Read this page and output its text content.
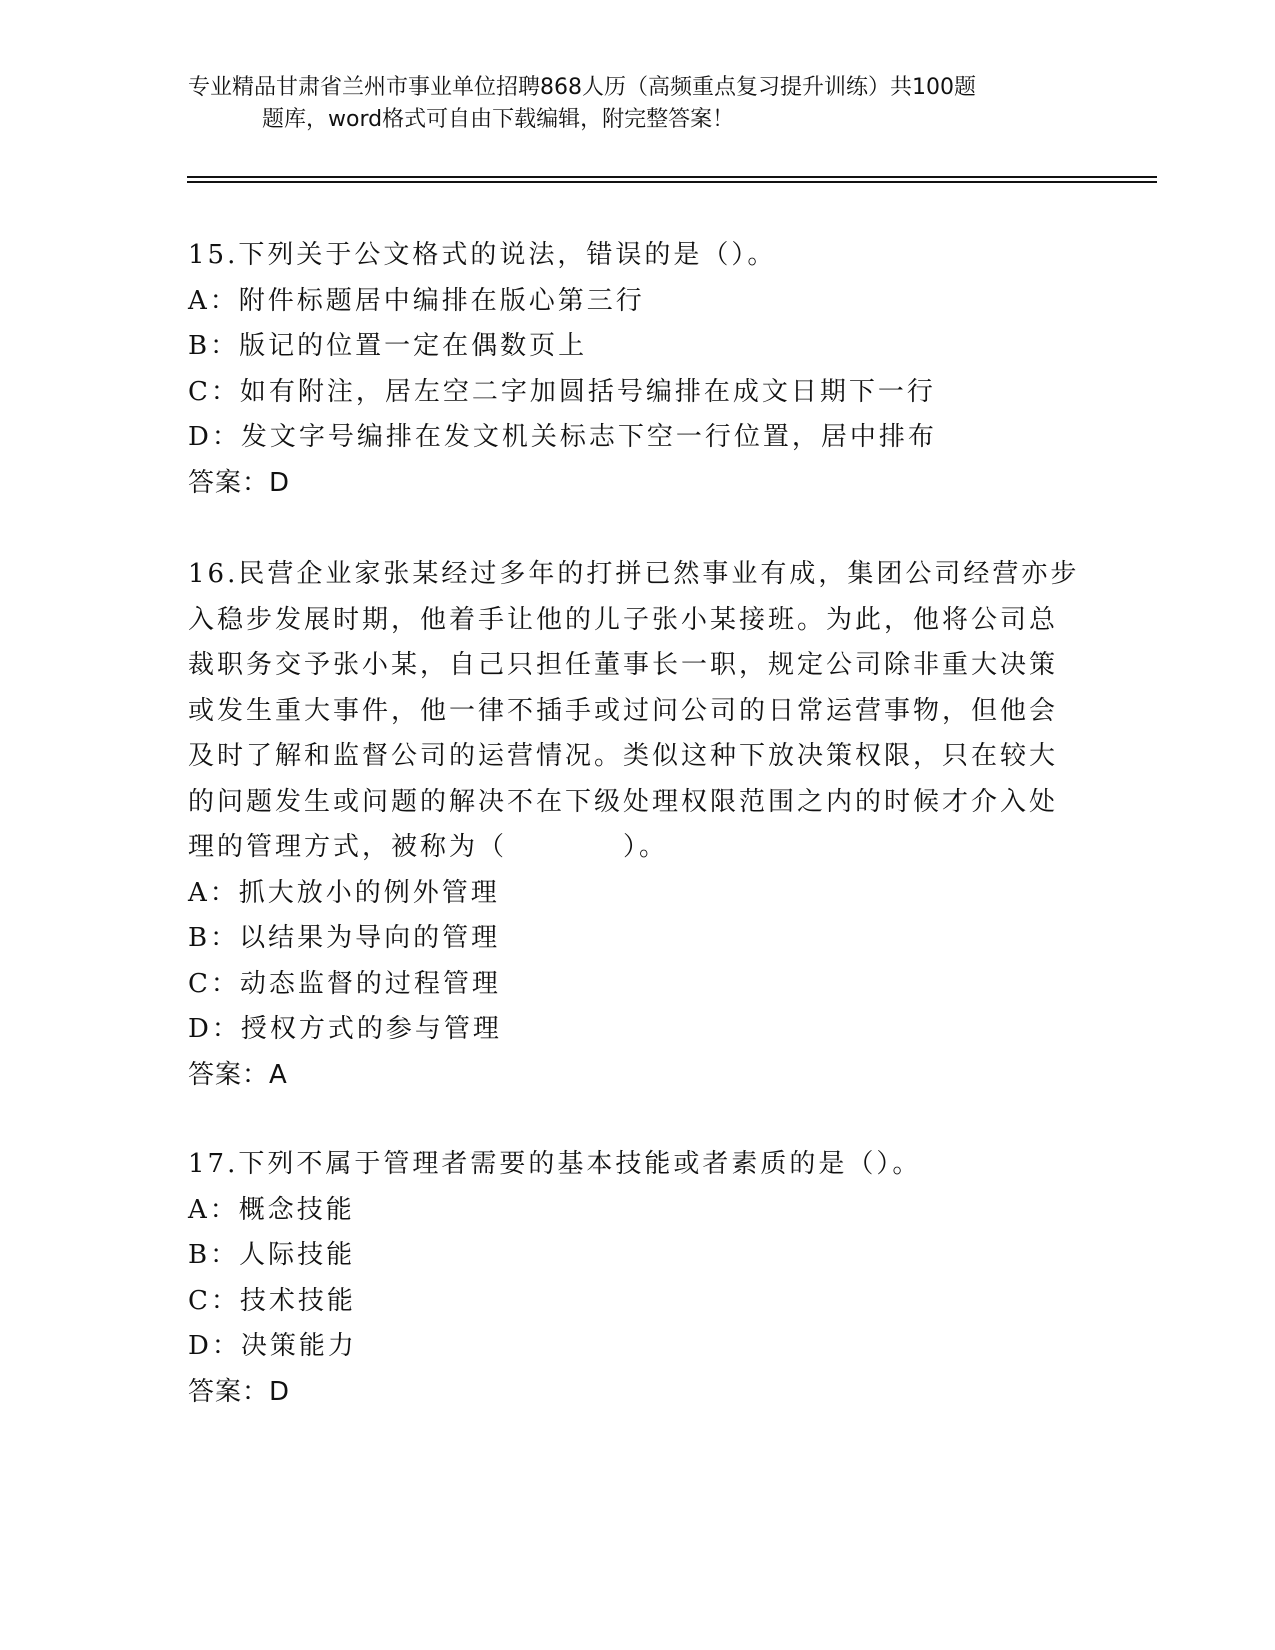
专业精品甘肃省兰州市事业单位招聘868人历（高频重点复习提升训练）共100题
题库，word格式可自由下载编辑，附完整答案！
15.下列关于公文格式的说法，错误的是（）。
A：附件标题居中编排在版心第三行
B：版记的位置一定在偶数页上
C：如有附注，居左空二字加圆括号编排在成文日期下一行
D：发文字号编排在发文机关标志下空一行位置，居中排布
答案：D
16.民营企业家张某经过多年的打拼已然事业有成，集团公司经营亦步
入稳步发展时期，他着手让他的儿子张小某接班。为此，他将公司总
裁职务交予张小某，自己只担任董事长一职，规定公司除非重大决策
或发生重大事件，他一律不插手或过问公司的日常运营事物，但他会
及时了解和监督公司的运营情况。类似这种下放决策权限，只在较大
的问题发生或问题的解决不在下级处理权限范围之内的时候才介入处
理的管理方式，被称为（　　　　）。
A：抓大放小的例外管理
B：以结果为导向的管理
C：动态监督的过程管理
D：授权方式的参与管理
答案：A
17.下列不属于管理者需要的基本技能或者素质的是（）。
A：概念技能
B：人际技能
C：技术技能
D：决策能力
答案：D
